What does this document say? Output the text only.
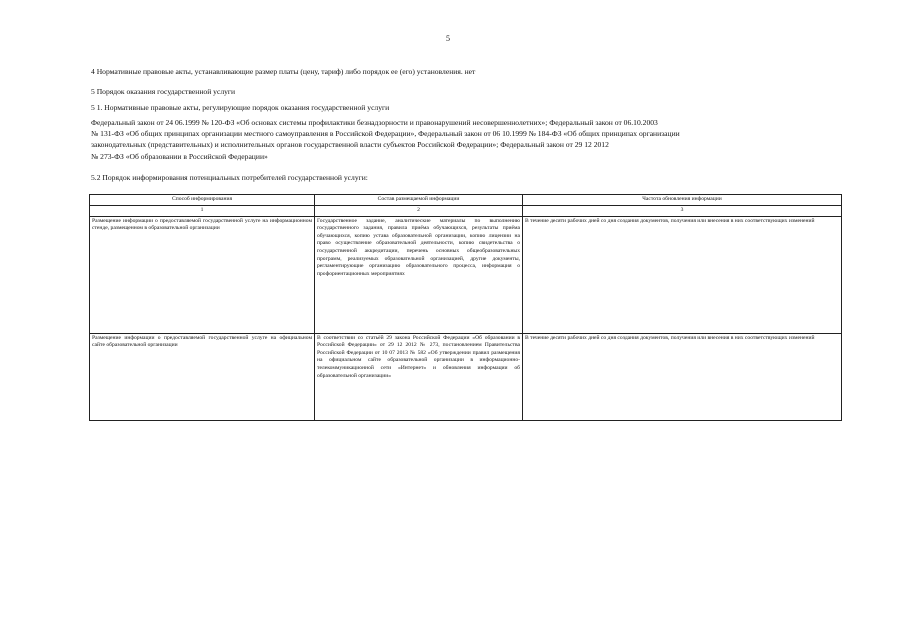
5
4 Нормативные правовые акты, устанавливающие размер платы (цену, тариф) либо порядок ее (его) установления. нет
5 Порядок оказания государственной услуги
5 1. Нормативные правовые акты, регулирующие порядок оказания государственной услуги
Федеральный закон от 24 06.1999 № 120-ФЗ «Об основах системы профилактики безнадзорности и правонарушений несовершеннолетних»; Федеральный закон от 06.10.2003
№ 131-ФЗ «Об общих принципах организации местного самоуправления в Российской Федерации», Федеральный закон от 06 10.1999 № 184-ФЗ «Об общих принципах организации
законодательных (представительных) и исполнительных органов государственной власти субъектов Российской Федерации»; Федеральный закон от 29 12 2012
№ 273-ФЗ «Об образовании в Российской Федерации»
5.2 Порядок информирования потенциальных потребителей государственной услуги:
Способ информирования	Состав размещаемой информации	Частота обновления информации
1	2	3
Размещение информации о предоставляемой государственной услуге на информационном стенде, размещенном в образовательной организации	Государственное задание, аналитические материалы по выполнению государственного задания, правила приёма обучающихся, результаты приёма обучающихся, копию устава образовательной организации, копию лицензии на право осуществление образовательной деятельности, копию свидетельства о государственной аккредитации, перечень основных общеобразовательных программ, реализуемых образовательной организацией, другие документы, регламентирующие организацию образовательного процесса, информация о профориентационных мероприятиях	В течение десяти рабочих дней со дня создания документов, получения или внесения в них соответствующих изменений
Размещение информации о предоставляемой государственной услуге на официальном сайте образовательной организации	В соответствии со статьёй 29 закона Российской Федерации «Об образовании в Российской Федерации» от 29 12 2012 № 273, постановлением Правительства Российской Федерации от 10 07 2013 № 582 «Об утверждении правил размещения на официальном сайте образовательной организации в информационно-телекоммуникационной сети «Интернет» и обновления информации об образовательной организации»	В течение десяти рабочих дней со дня создания документов, получения или внесения в них соответствующих изменений
